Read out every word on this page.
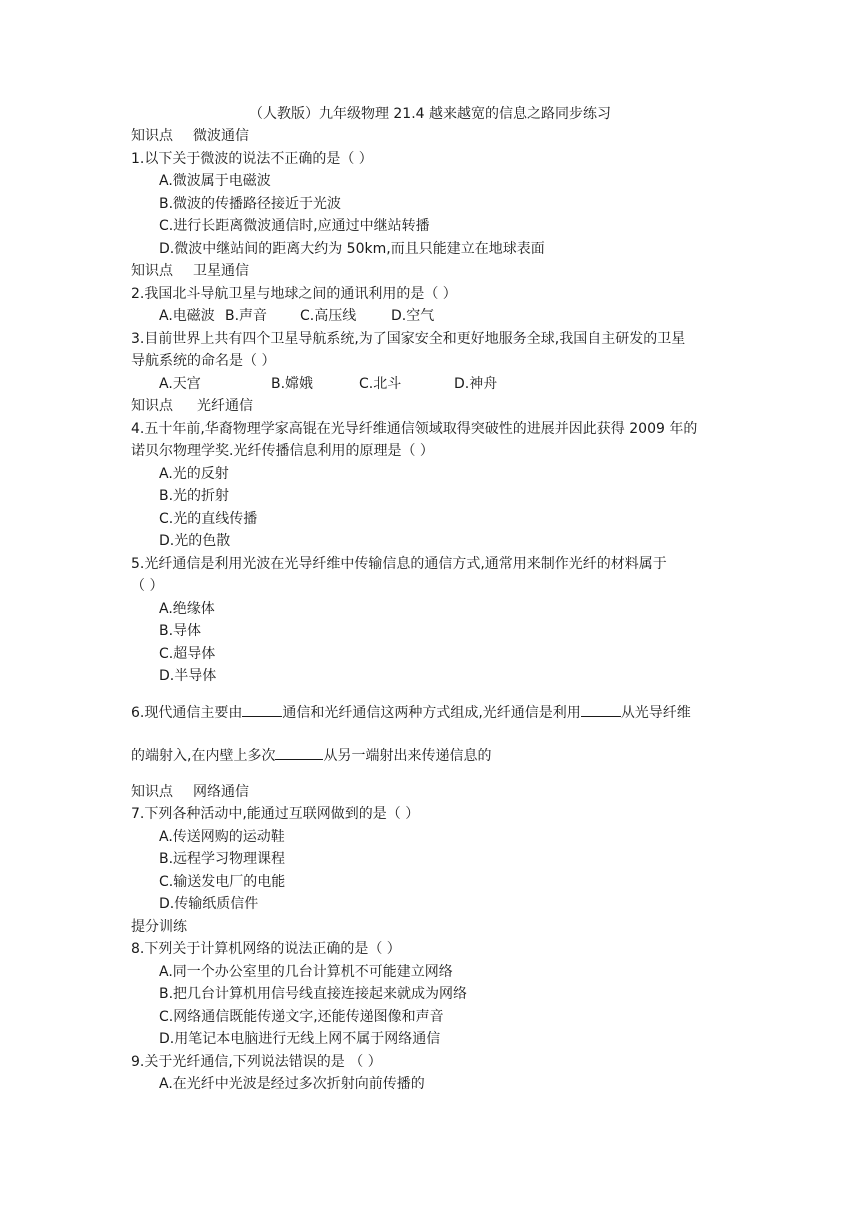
（人教版）九年级物理 21.4 越来越宽的信息之路同步练习
知识点 微波通信
1.以下关于微波的说法不正确的是（ ）
A.微波属于电磁波
B.微波的传播路径接近于光波
C.进行长距离微波通信时,应通过中继站转播
D.微波中继站间的距离大约为 50km,而且只能建立在地球表面
知识点 卫星通信
2.我国北斗导航卫星与地球之间的通讯利用的是（ ）
A.电磁波 B.声音 C.高压线 D.空气
3.目前世界上共有四个卫星导航系统,为了国家安全和更好地服务全球,我国自主研发的卫星
导航系统的命名是（ ）
A.天宫	B.嫦娥	C.北斗	D.神舟
知识点 光纤通信
4.五十年前,华裔物理学家高锟在光导纤维通信领域取得突破性的进展并因此获得 2009 年的
诺贝尔物理学奖.光纤传播信息利用的原理是（ ）
A.光的反射
B.光的折射
C.光的直线传播
D.光的色散
5.光纤通信是利用光波在光导纤维中传输信息的通信方式,通常用来制作光纤的材料属于
（ ）
A.绝缘体
B.导体
C.超导体
D.半导体
6.现代通信主要由	通信和光纤通信这两种方式组成,光纤通信是利用	从光导纤维
的端射入,在内壁上多次	从另一端射出来传递信息的
知识点 网络通信
7.下列各种活动中,能通过互联网做到的是（ ）
A.传送网购的运动鞋
B.远程学习物理课程
C.输送发电厂的电能
D.传输纸质信件
提分训练
8.下列关于计算机网络的说法正确的是（ ）
A.同一个办公室里的几台计算机不可能建立网络
B.把几台计算机用信号线直接连接起来就成为网络
C.网络通信既能传递文字,还能传递图像和声音
D.用笔记本电脑进行无线上网不属于网络通信
9.关于光纤通信,下列说法错误的是 （ ）
A.在光纤中光波是经过多次折射向前传播的
